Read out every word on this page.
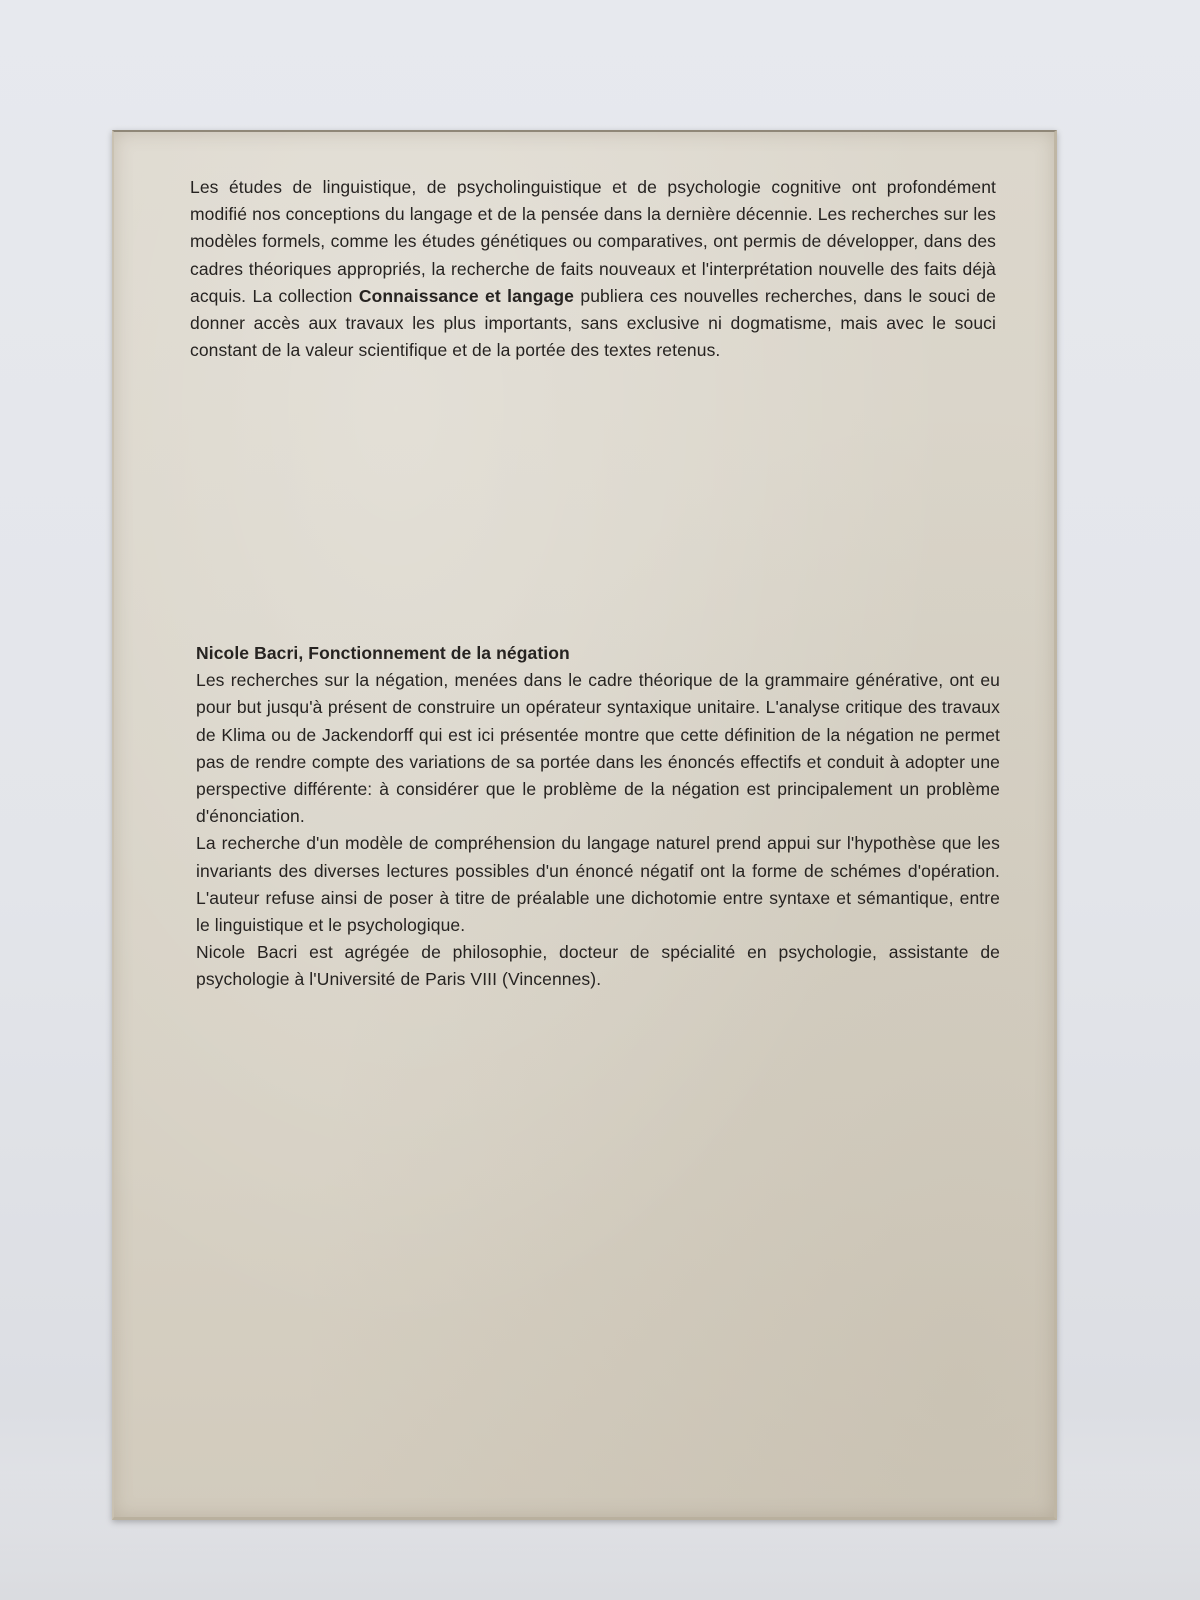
Les études de linguistique, de psycholinguistique et de psychologie cognitive ont profondément modifié nos conceptions du langage et de la pensée dans la dernière décennie. Les recherches sur les modèles formels, comme les études génétiques ou comparatives, ont permis de développer, dans des cadres théoriques appropriés, la recherche de faits nouveaux et l'interprétation nouvelle des faits déjà acquis. La collection Connaissance et langage publiera ces nouvelles recherches, dans le souci de donner accès aux travaux les plus importants, sans exclusive ni dogmatisme, mais avec le souci constant de la valeur scientifique et de la portée des textes retenus.
Nicole Bacri, Fonctionnement de la négation
Les recherches sur la négation, menées dans le cadre théorique de la grammaire générative, ont eu pour but jusqu'à présent de construire un opérateur syntaxique unitaire. L'analyse critique des travaux de Klima ou de Jackendorff qui est ici présentée montre que cette définition de la négation ne permet pas de rendre compte des variations de sa portée dans les énoncés effectifs et conduit à adopter une perspective différente: à considérer que le problème de la négation est principalement un problème d'énonciation.
La recherche d'un modèle de compréhension du langage naturel prend appui sur l'hypothèse que les invariants des diverses lectures possibles d'un énoncé négatif ont la forme de schémes d'opération. L'auteur refuse ainsi de poser à titre de préalable une dichotomie entre syntaxe et sémantique, entre le linguistique et le psychologique.
Nicole Bacri est agrégée de philosophie, docteur de spécialité en psychologie, assistante de psychologie à l'Université de Paris VIII (Vincennes).
